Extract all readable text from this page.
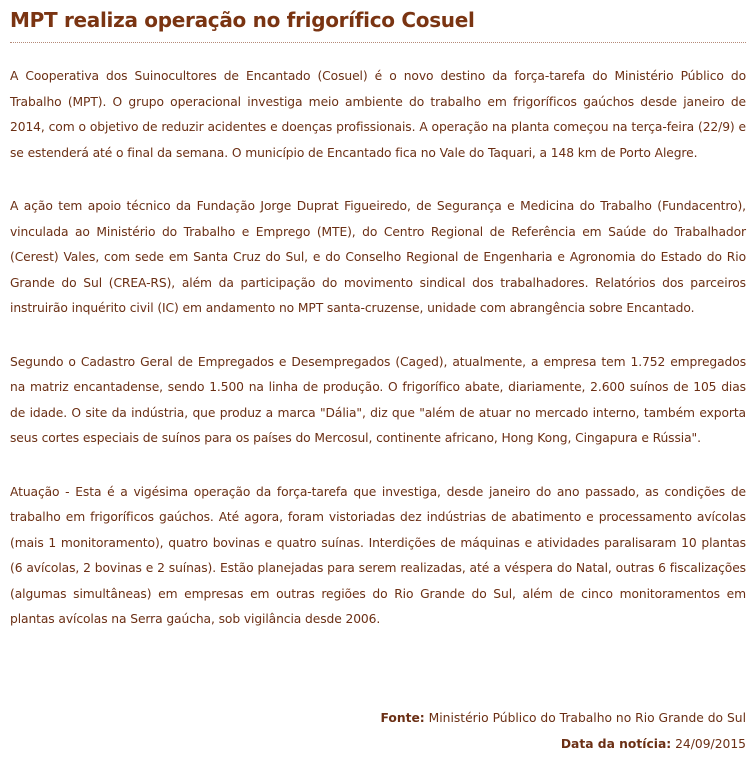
MPT realiza operação no frigorífico Cosuel

A Cooperativa dos Suinocultores de Encantado (Cosuel) é o novo destino da força-tarefa do Ministério Público do Trabalho (MPT). O grupo operacional investiga meio ambiente do trabalho em frigoríficos gaúchos desde janeiro de 2014, com o objetivo de reduzir acidentes e doenças profissionais. A operação na planta começou na terça-feira (22/9) e se estenderá até o final da semana. O município de Encantado fica no Vale do Taquari, a 148 km de Porto Alegre.

A ação tem apoio técnico da Fundação Jorge Duprat Figueiredo, de Segurança e Medicina do Trabalho (Fundacentro), vinculada ao Ministério do Trabalho e Emprego (MTE), do Centro Regional de Referência em Saúde do Trabalhador (Cerest) Vales, com sede em Santa Cruz do Sul, e do Conselho Regional de Engenharia e Agronomia do Estado do Rio Grande do Sul (CREA-RS), além da participação do movimento sindical dos trabalhadores. Relatórios dos parceiros instruirão inquérito civil (IC) em andamento no MPT santa-cruzense, unidade com abrangência sobre Encantado.

Segundo o Cadastro Geral de Empregados e Desempregados (Caged), atualmente, a empresa tem 1.752 empregados na matriz encantadense, sendo 1.500 na linha de produção. O frigorífico abate, diariamente, 2.600 suínos de 105 dias de idade. O site da indústria, que produz a marca "Dália", diz que "além de atuar no mercado interno, também exporta seus cortes especiais de suínos para os países do Mercosul, continente africano, Hong Kong, Cingapura e Rússia".

Atuação - Esta é a vigésima operação da força-tarefa que investiga, desde janeiro do ano passado, as condições de trabalho em frigoríficos gaúchos. Até agora, foram vistoriadas dez indústrias de abatimento e processamento avícolas (mais 1 monitoramento), quatro bovinas e quatro suínas. Interdições de máquinas e atividades paralisaram 10 plantas (6 avícolas, 2 bovinas e 2 suínas). Estão planejadas para serem realizadas, até a véspera do Natal, outras 6 fiscalizações (algumas simultâneas) em empresas em outras regiões do Rio Grande do Sul, além de cinco monitoramentos em plantas avícolas na Serra gaúcha, sob vigilância desde 2006.

Fonte: Ministério Público do Trabalho no Rio Grande do Sul
Data da notícia: 24/09/2015
